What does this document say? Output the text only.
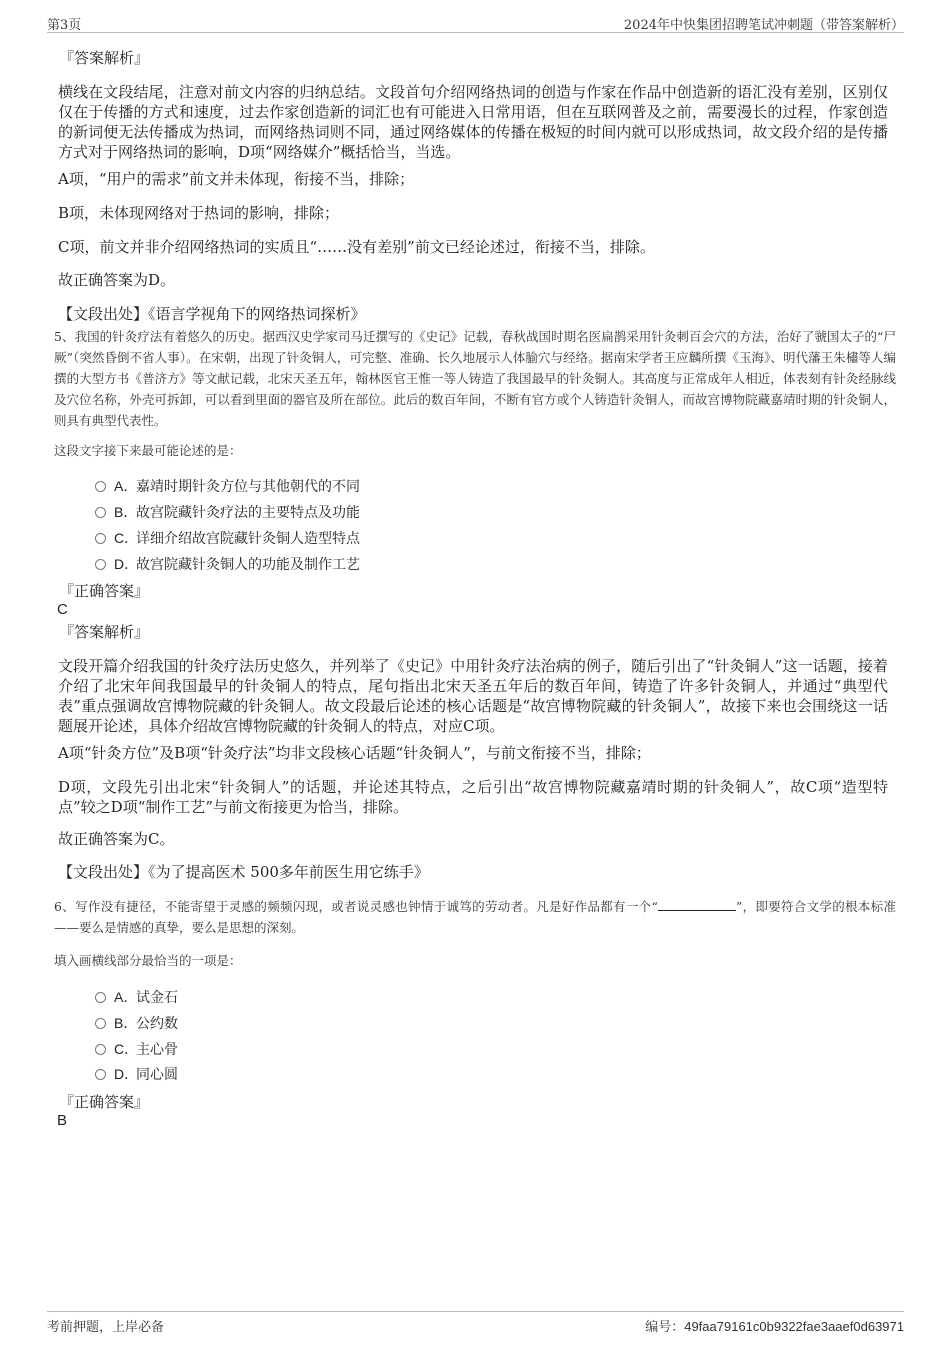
第3页	2024年中快集团招聘笔试冲刺题（带答案解析）
『答案解析』

横线在文段结尾，注意对前文内容的归纳总结。文段首句介绍网络热词的创造与作家在作品中创造新的语汇没有差别，区别仅仅在于传播的方式和速度，过去作家创造新的词汇也有可能进入日常用语，但在互联网普及之前，需要漫长的过程，作家创造的新词便无法传播成为热词，而网络热词则不同，通过网络媒体的传播在极短的时间内就可以形成热词，故文段介绍的是传播方式对于网络热词的影响，D项“网络媒介”概括恰当，当选。

A项，“用户的需求”前文并未体现，衔接不当，排除；

B项，未体现网络对于热词的影响，排除；

C项，前文并非介绍网络热词的实质且“……没有差别”前文已经论述过，衔接不当，排除。

故正确答案为D。

【文段出处】《语言学视角下的网络热词探析》

5、我国的针灸疗法有着悠久的历史。据西汉史学家司马迁撰写的《史记》记载，春秋战国时期名医扁鹊采用针灸刺百会穴的方法，治好了虢国太子的“尸厥”（突然昏倒不省人事）。在宋朝，出现了针灸铜人，可完整、准确、长久地展示人体腧穴与经络。据南宋学者王应麟所撰《玉海》、明代藩王朱橚等人编撰的大型方书《普济方》等文献记载，北宋天圣五年，翰林医官王惟一等人铸造了我国最早的针灸铜人。其高度与正常成年人相近，体表刻有针灸经脉线及穴位名称，外壳可拆卸，可以看到里面的器官及所在部位。此后的数百年间，不断有官方或个人铸造针灸铜人，而故宫博物院藏嘉靖时期的针灸铜人，则具有典型代表性。

这段文字接下来最可能论述的是：

A．嘉靖时期针灸方位与其他朝代的不同
B．故宫院藏针灸疗法的主要特点及功能
C．详细介绍故宫院藏针灸铜人造型特点
D．故宫院藏针灸铜人的功能及制作工艺
『正确答案』
C
『答案解析』

文段开篇介绍我国的针灸疗法历史悠久，并列举了《史记》中用针灸疗法治病的例子，随后引出了“针灸铜人”这一话题，接着介绍了北宋年间我国最早的针灸铜人的特点，尾句指出北宋天圣五年后的数百年间，铸造了许多针灸铜人，并通过“典型代表”重点强调故宫博物院藏的针灸铜人。故文段最后论述的核心话题是“故宫博物院藏的针灸铜人”，故接下来也会围绕这一话题展开论述，具体介绍故宫博物院藏的针灸铜人的特点，对应C项。

A项“针灸方位”及B项“针灸疗法”均非文段核心话题“针灸铜人”，与前文衔接不当，排除；

D项，文段先引出北宋“针灸铜人”的话题，并论述其特点，之后引出“故宫博物院藏嘉靖时期的针灸铜人”，故C项“造型特点”较之D项“制作工艺”与前文衔接更为恰当，排除。

故正确答案为C。

【文段出处】《为了提高医术 500多年前医生用它练手》

6、写作没有捷径，不能寄望于灵感的频频闪现，或者说灵感也钟情于诚笃的劳动者。凡是好作品都有一个“	”，即要符合文学的根本标准——要么是情感的真挚，要么是思想的深刻。

填入画横线部分最恰当的一项是：

A．试金石
B．公约数
C．主心骨
D．同心圆
『正确答案』
B
考前押题，上岸必备	编号：49faa79161c0b9322fae3aaef0d63971
